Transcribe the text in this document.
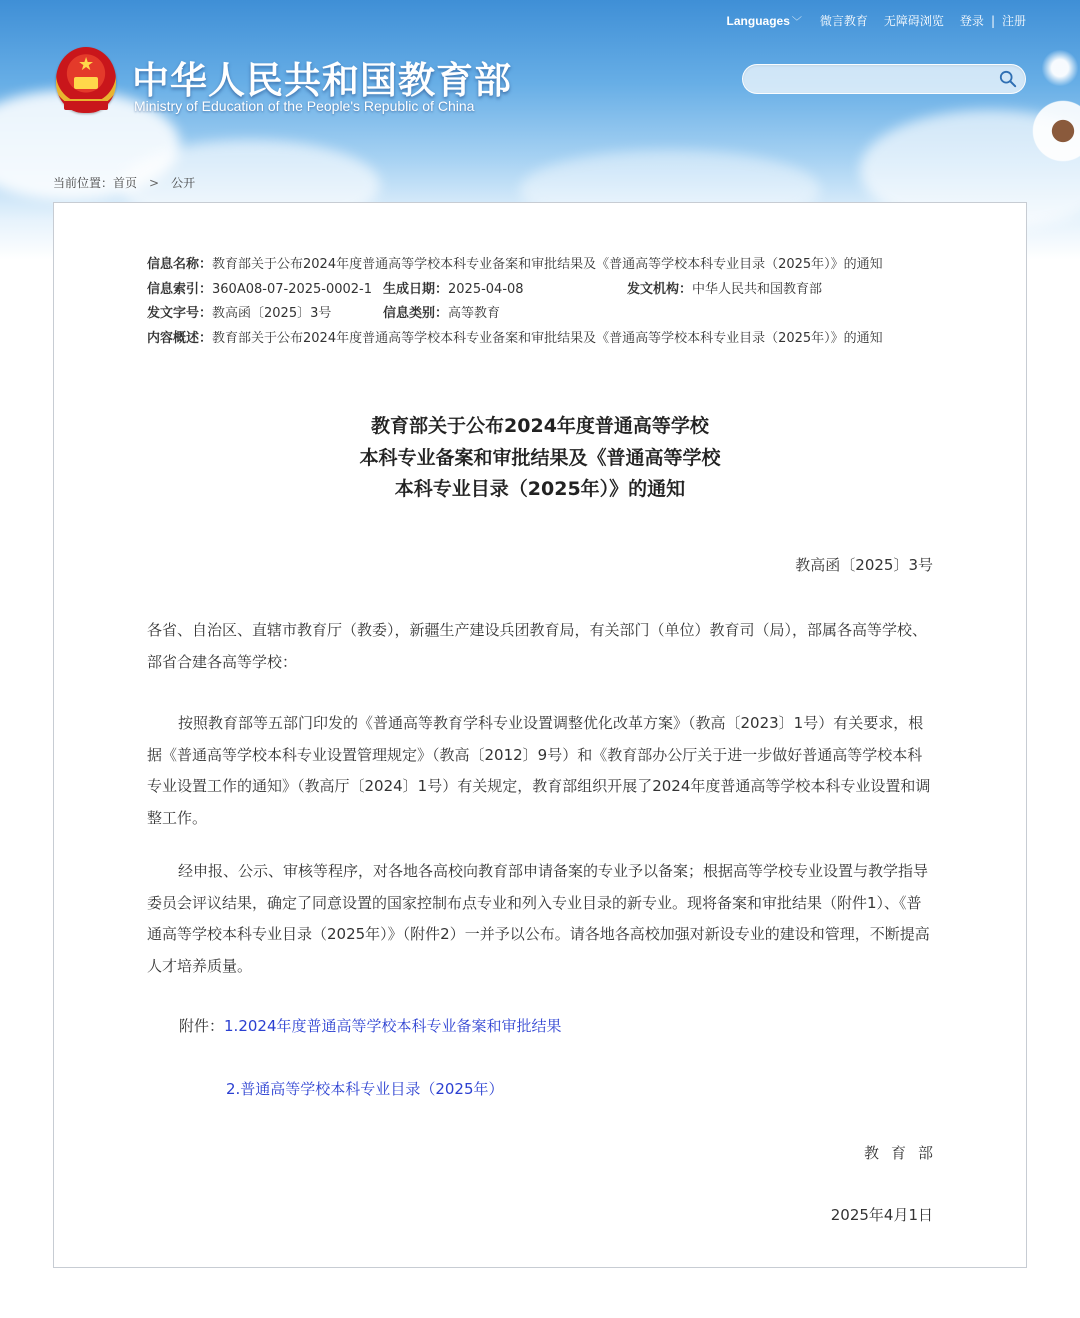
★ 中华人民共和国教育部
Ministry of Education of the People's Republic of China
Languages ﹀ 微言教育 无障碍浏览 登录 | 注册
当前位置：首页 > 公开
信息名称：教育部关于公布2024年度普通高等学校本科专业备案和审批结果及《普通高等学校本科专业目录（2025年）》的通知
信息索引：360A08-07-2025-0002-1 生成日期：2025-04-08	发文机构：中华人民共和国教育部
发文字号：教高函〔2025〕3号	信息类别：高等教育
内容概述：教育部关于公布2024年度普通高等学校本科专业备案和审批结果及《普通高等学校本科专业目录（2025年）》的通知
教育部关于公布2024年度普通高等学校
本科专业备案和审批结果及《普通高等学校
本科专业目录（2025年）》的通知
教高函〔2025〕3号

各省、自治区、直辖市教育厅（教委），新疆生产建设兵团教育局，有关部门（单位）教育司（局），部属各高等学校、部省合建各高等学校：

按照教育部等五部门印发的《普通高等教育学科专业设置调整优化改革方案》（教高〔2023〕1号）有关要求，根据《普通高等学校本科专业设置管理规定》（教高〔2012〕9号）和《教育部办公厅关于进一步做好普通高等学校本科专业设置工作的通知》（教高厅〔2024〕1号）有关规定，教育部组织开展了2024年度普通高等学校本科专业设置和调整工作。

经申报、公示、审核等程序，对各地各高校向教育部申请备案的专业予以备案；根据高等学校专业设置与教学指导委员会评议结果，确定了同意设置的国家控制布点专业和列入专业目录的新专业。现将备案和审批结果（附件1）、《普通高等学校本科专业目录（2025年）》（附件2）一并予以公布。请各地各高校加强对新设专业的建设和管理，不断提高人才培养质量。

附件：1.2024年度普通高等学校本科专业备案和审批结果
2.普通高等学校本科专业目录（2025年）
教育部
2025年4月1日
